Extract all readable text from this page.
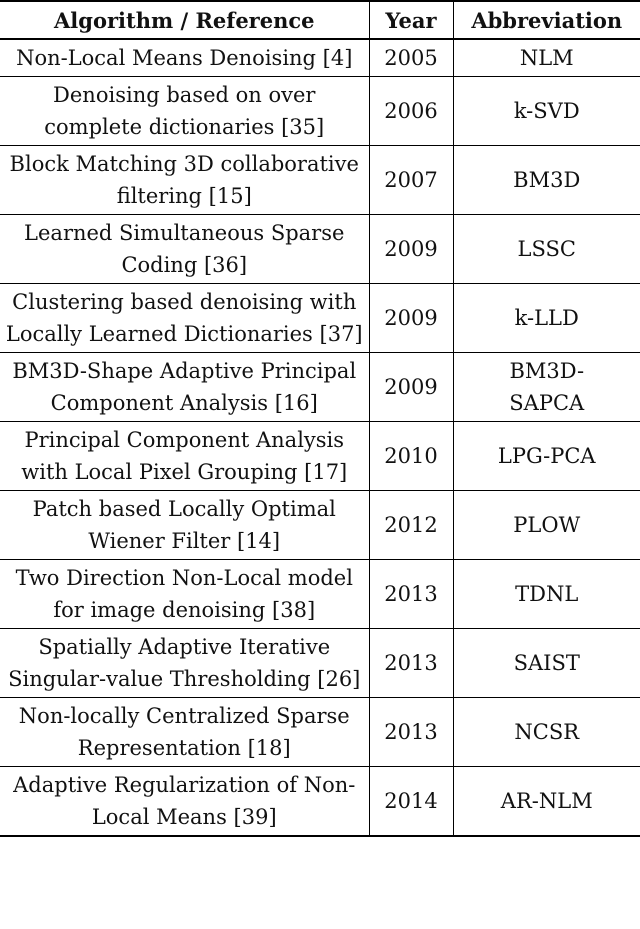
Algorithm / Reference	Year	Abbreviation
Non-Local Means Denoising [4]	2005	NLM
Denoising based on over complete dictionaries [35]	2006	k-SVD
Block Matching 3D collaborative filtering [15]	2007	BM3D
Learned Simultaneous Sparse Coding [36]	2009	LSSC
Clustering based denoising with Locally Learned Dictionaries [37]	2009	k-LLD
BM3D-Shape Adaptive Principal Component Analysis [16]	2009	BM3D-SAPCA
Principal Component Analysis with Local Pixel Grouping [17]	2010	LPG-PCA
Patch based Locally Optimal Wiener Filter [14]	2012	PLOW
Two Direction Non-Local model for image denoising [38]	2013	TDNL
Spatially Adaptive Iterative Singular-value Thresholding [26]	2013	SAIST
Non-locally Centralized Sparse Representation [18]	2013	NCSR
Adaptive Regularization of Non-Local Means [39]	2014	AR-NLM
